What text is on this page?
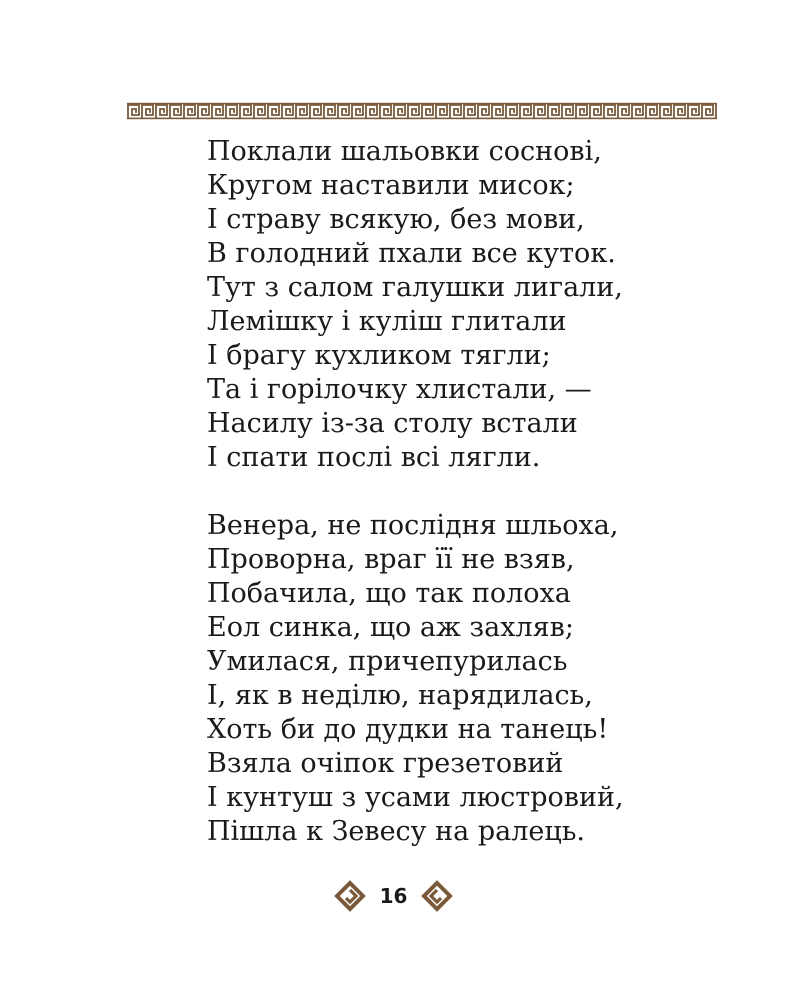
Поклали шальовки соснові,
Кругом наставили мисок;
І страву всякую, без мови,
В голодний пхали все куток.
Тут з салом галушки лигали,
Лемішку і куліш глитали
І брагу кухликом тягли;
Та і горілочку хлистали, —
Насилу із-за столу встали
І спати послі всі лягли.
Венера, не послідня шльоха,
Проворна, враг її не взяв,
Побачила, що так полоха
Еол синка, що аж захляв;
Умилася, причепурилась
І, як в неділю, нарядилась,
Хоть би до дудки на танець!
Взяла очіпок грезетовий
І кунтуш з усами люстровий,
Пішла к Зевесу на ралець.
16
